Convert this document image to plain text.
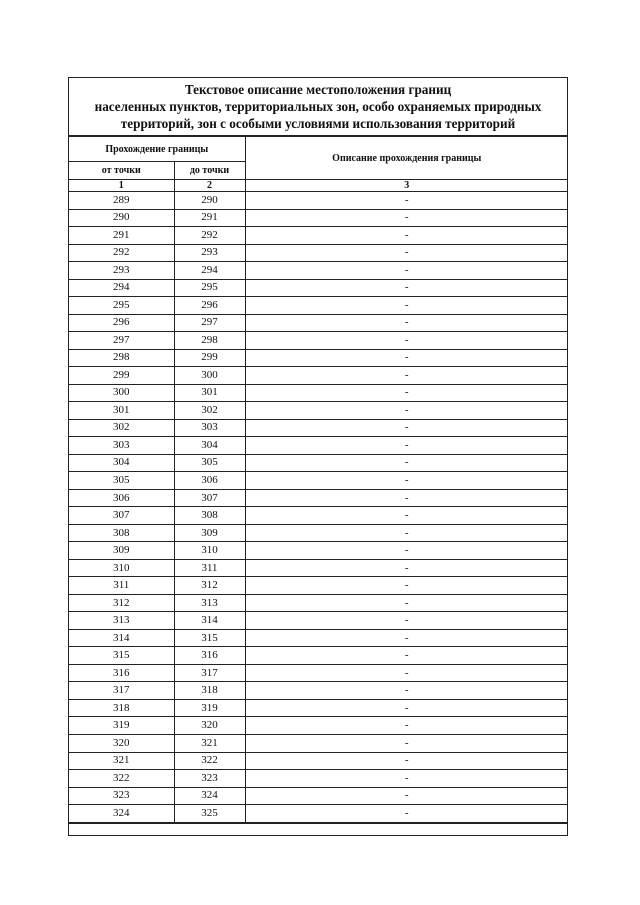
Текстовое описание местоположения границ
населенных пунктов, территориальных зон, особо охраняемых природных
территорий, зон с особыми условиями использования территорий
Прохождение границы		Описание прохождения границы
от точки	до точки	
1	2	3
289	290	-
290	291	-
291	292	-
292	293	-
293	294	-
294	295	-
295	296	-
296	297	-
297	298	-
298	299	-
299	300	-
300	301	-
301	302	-
302	303	-
303	304	-
304	305	-
305	306	-
306	307	-
307	308	-
308	309	-
309	310	-
310	311	-
311	312	-
312	313	-
313	314	-
314	315	-
315	316	-
316	317	-
317	318	-
318	319	-
319	320	-
320	321	-
321	322	-
322	323	-
323	324	-
324	325	-
